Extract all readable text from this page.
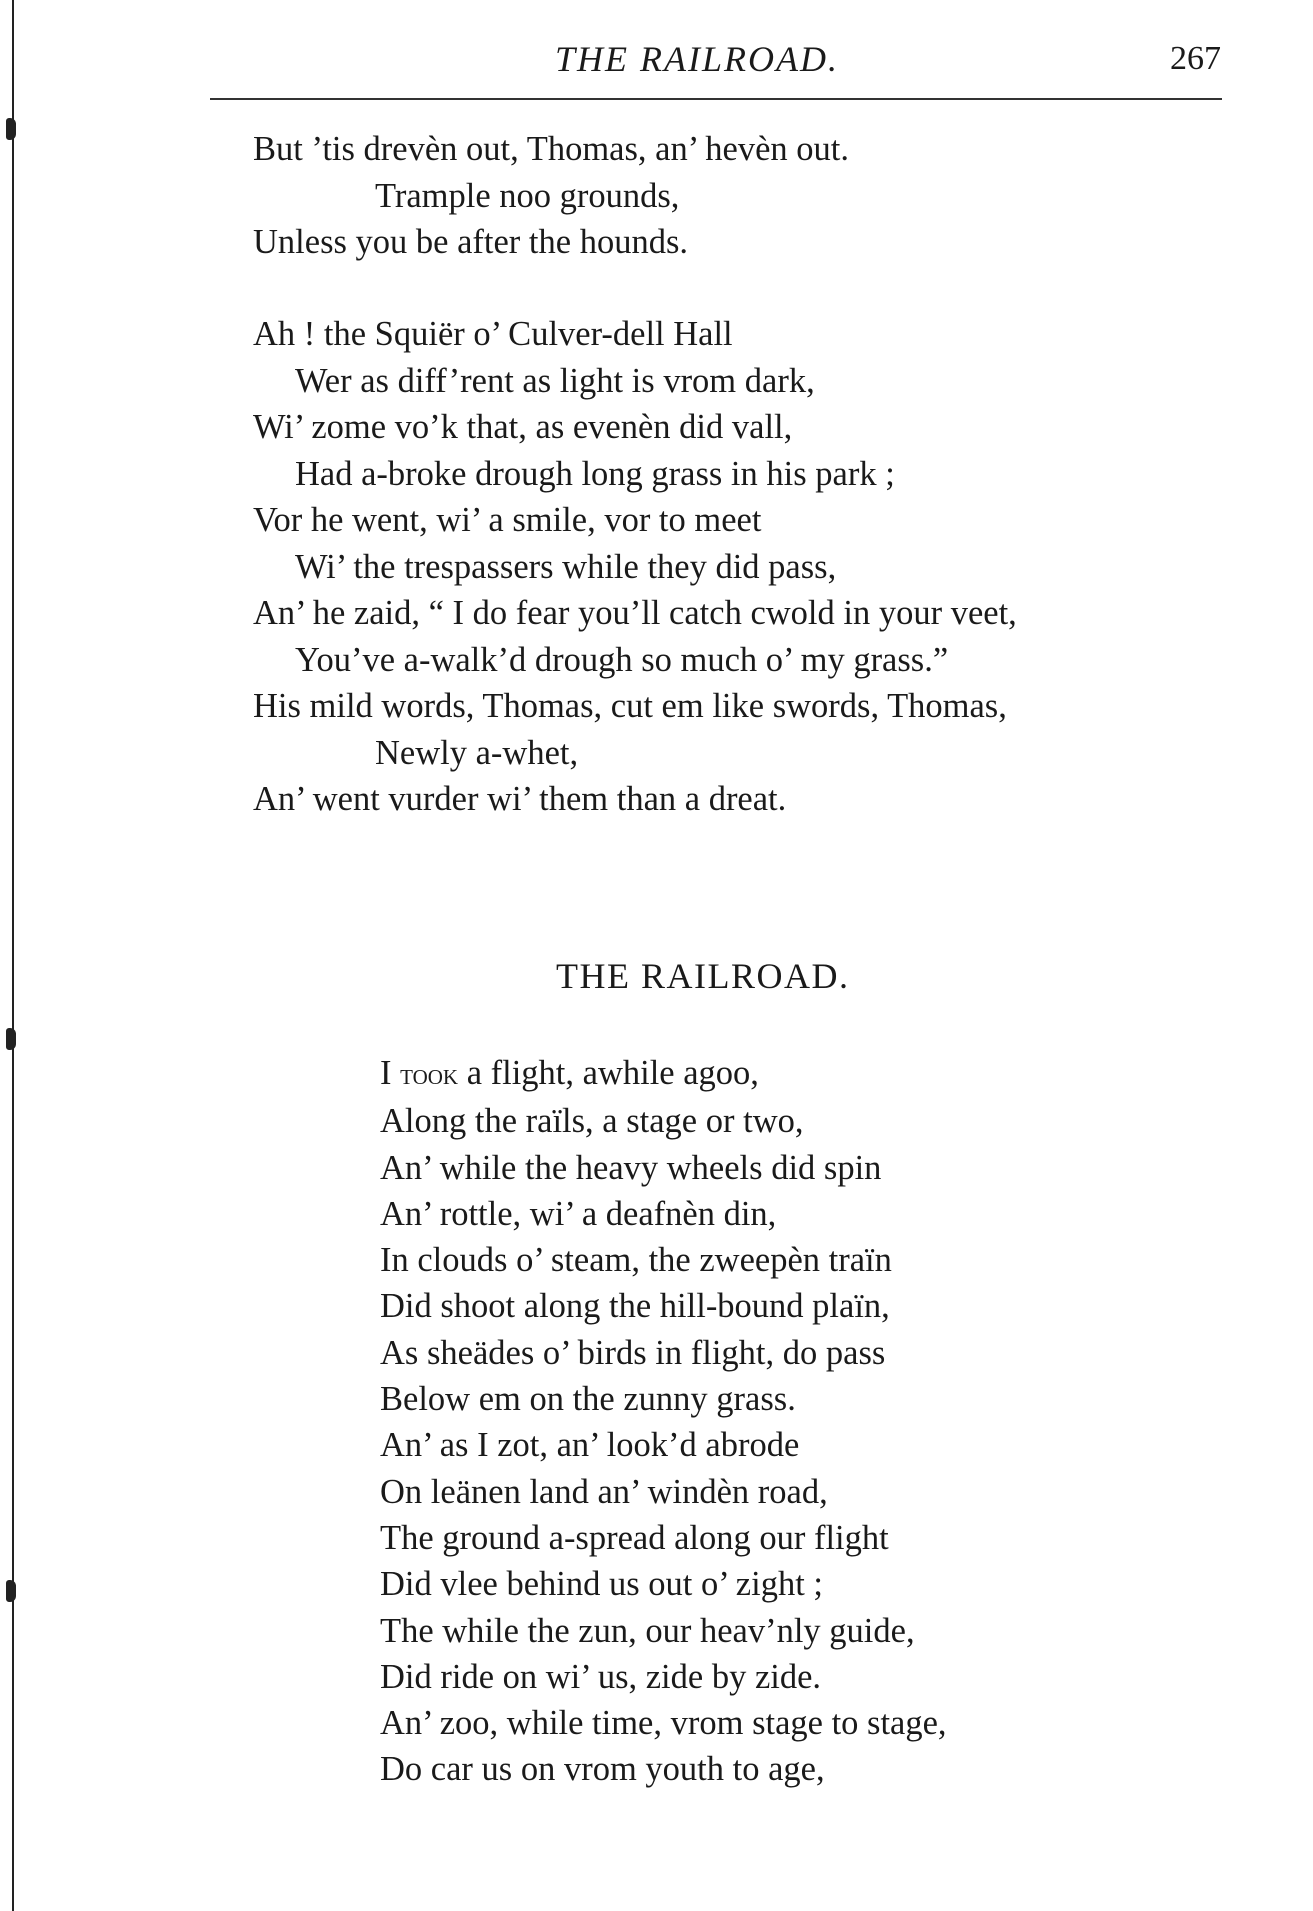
THE RAILROAD.	267
But ’tis drevèn out, Thomas, an’ hevèn out.
Trample noo grounds,
Unless you be after the hounds.
Ah ! the Squiër o’ Culver-dell Hall
Wer as diff’rent as light is vrom dark,
Wi’ zome vo’k that, as evenèn did vall,
Had a-broke drough long grass in his park ;
Vor he went, wi’ a smile, vor to meet
Wi’ the trespassers while they did pass,
An’ he zaid, “ I do fear you’ll catch cwold in your veet,
You’ve a-walk’d drough so much o’ my grass.”
His mild words, Thomas, cut em like swords, Thomas,
Newly a-whet,
An’ went vurder wi’ them than a dreat.
THE RAILROAD.
I took a flight, awhile agoo,
Along the raïls, a stage or two,
An’ while the heavy wheels did spin
An’ rottle, wi’ a deafnèn din,
In clouds o’ steam, the zweepèn traïn
Did shoot along the hill-bound plaïn,
As sheädes o’ birds in flight, do pass
Below em on the zunny grass.
An’ as I zot, an’ look’d abrode
On leänen land an’ windèn road,
The ground a-spread along our flight
Did vlee behind us out o’ zight ;
The while the zun, our heav’nly guide,
Did ride on wi’ us, zide by zide.
An’ zoo, while time, vrom stage to stage,
Do car us on vrom youth to age,
